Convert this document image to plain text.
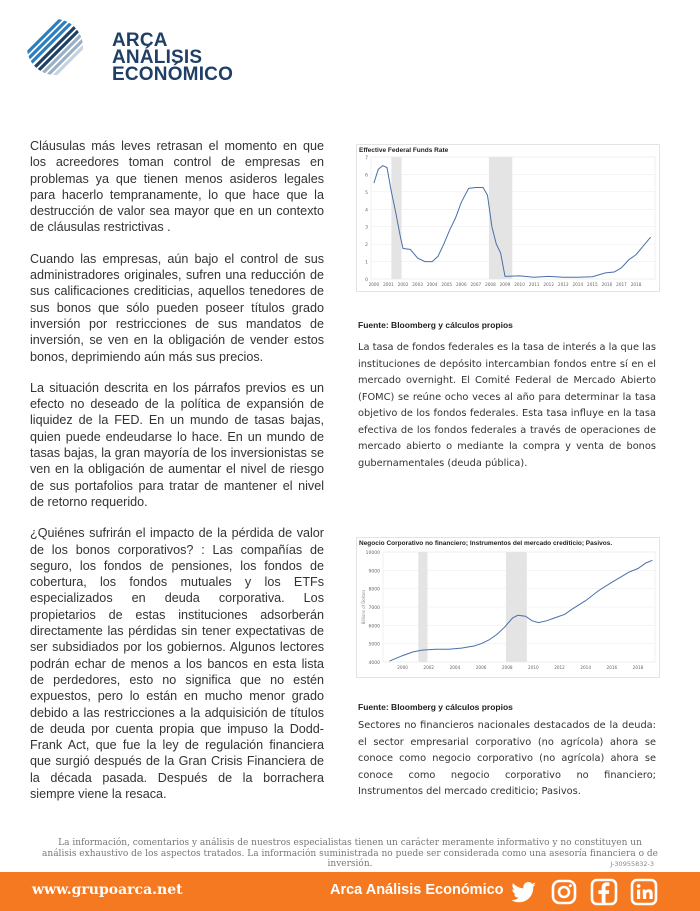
ARCA
ANÁLISIS
ECONÓMICO

Cláusulas más leves retrasan el momento en que los acreedores toman control de empresas en problemas ya que tienen menos asideros legales para hacerlo tempranamente, lo que hace que la destrucción de valor sea mayor que en un contexto de cláusulas restrictivas .

Cuando las empresas, aún bajo el control de sus administradores originales, sufren una reducción de sus calificaciones crediticias, aquellos tenedores de sus bonos que sólo pueden poseer títulos grado inversión por restricciones de sus mandatos de inversión, se ven en la obligación de vender estos bonos, deprimiendo aún más sus precios.

La situación descrita en los párrafos previos es un efecto no deseado de la política de expansión de liquidez de la FED. En un mundo de tasas bajas, quien puede endeudarse lo hace. En un mundo de tasas bajas, la gran mayoría de los inversionistas se ven en la obligación de aumentar el nivel de riesgo de sus portafolios para tratar de mantener el nivel de retorno requerido.

¿Quiénes sufrirán el impacto de la pérdida de valor de los bonos corporativos? : Las compañías de seguro, los fondos de pensiones, los fondos de cobertura, los fondos mutuales y los ETFs especializados en deuda corporativa. Los propietarios de estas instituciones adsorberán directamente las pérdidas sin tener expectativas de ser subsidiados por los gobiernos. Algunos lectores podrán echar de menos a los bancos en esta lista de perdedores, esto no significa que no estén expuestos, pero lo están en mucho menor grado debido a las restricciones a la adquisición de títulos de deuda por cuenta propia que impuso la Dodd- Frank Act, que fue la ley de regulación financiera que surgió después de la Gran Crisis Financiera de la década pasada. Después de la borrachera siempre viene la resaca.

Effective Federal Funds Rate
0
1
2
3
4
5
6
7
2000 2001 2002 2003 2004 2005 2006 2007 2008 2009 2010 2011 2012 2013 2014 2015 2016 2017 2018
Fuente: Bloomberg y cálculos propios

La tasa de fondos federales es la tasa de interés a la que las instituciones de depósito intercambian fondos entre sí en el mercado overnight. El Comité Federal de Mercado Abierto (FOMC) se reúne ocho veces al año para determinar la tasa objetivo de los fondos federales. Esta tasa influye en la tasa efectiva de los fondos federales a través de operaciones de mercado abierto o mediante la compra y venta de bonos gubernamentales (deuda pública).

Negocio Corporativo no financiero; Instrumentos del mercado crediticio; Pasivos.
4000
5000
6000
7000
8000
9000
10000
2000	2002	2004	2006	2008	2010	2012	2014	2016	2018
Billions of Dollars
Fuente: Bloomberg y cálculos propios

Sectores no financieros nacionales destacados de la deuda: el sector empresarial corporativo (no agrícola) ahora se conoce como negocio corporativo (no agrícola) ahora se conoce como negocio corporativo no financiero; Instrumentos del mercado crediticio; Pasivos.

La información, comentarios y análisis de nuestros especialistas tienen un carácter meramente informativo y no constituyen un análisis exhaustivo de los aspectos tratados. La información suministrada no puede ser considerada como una asesoría financiera o de inversión.	J-30955832-3
www.grupoarca.net	Arca Análisis Económico
